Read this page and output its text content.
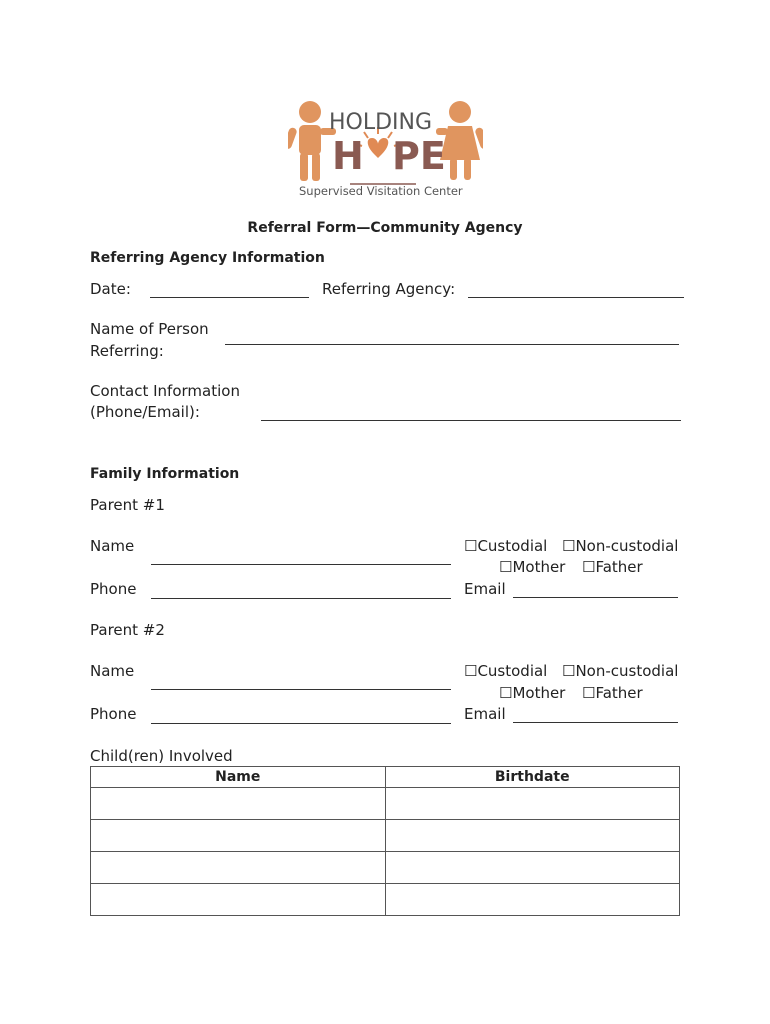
HOLDING
H PE
Supervised Visitation Center
Referral Form—Community Agency
Referring Agency Information
Date:	Referring Agency:
Name of Person
Referring:
Contact Information
(Phone/Email):
Family Information
Parent #1
Name	☐Custodial ☐Non-custodial
☐Mother ☐Father
Phone	Email
Parent #2
Name	☐Custodial ☐Non-custodial
☐Mother ☐Father
Phone	Email
Child(ren) Involved
Name	Birthdate
